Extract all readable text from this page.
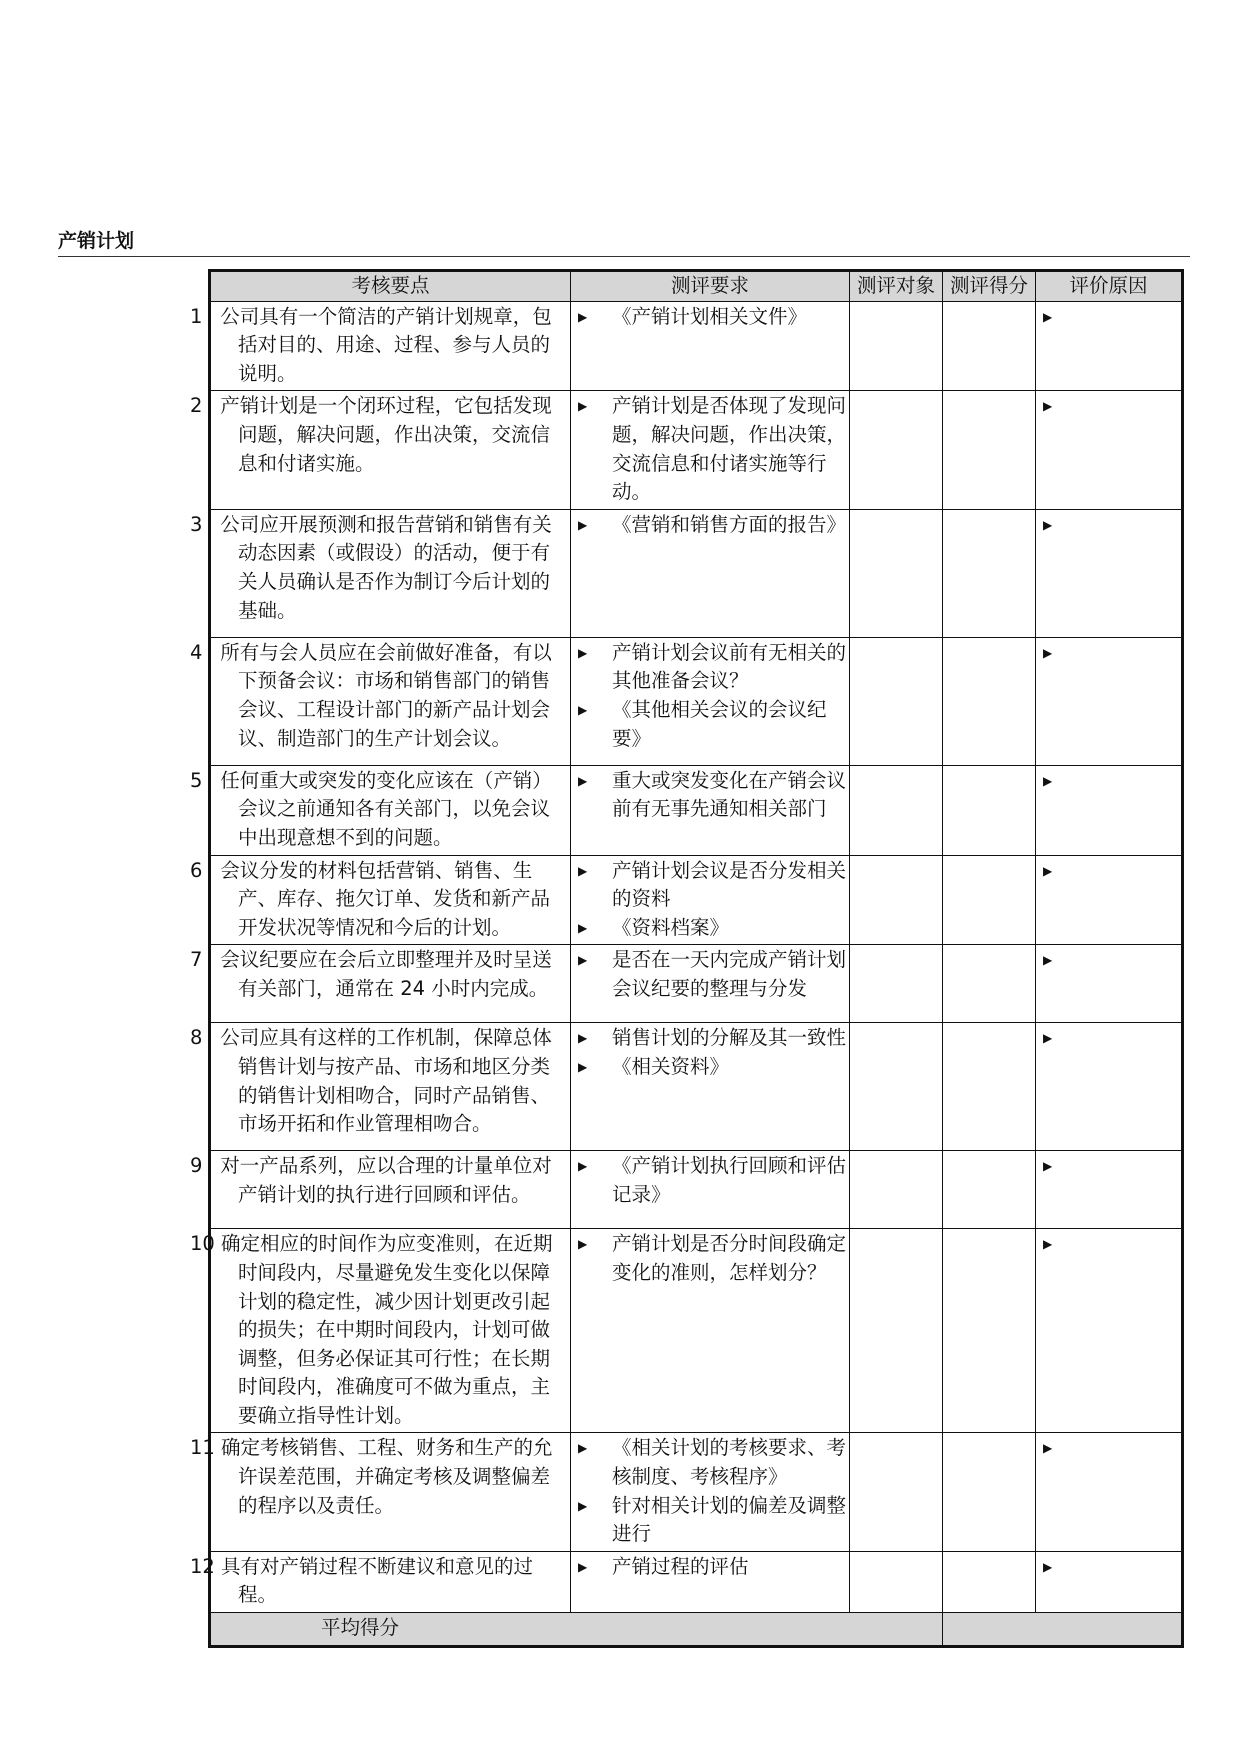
产销计划
考核要点	测评要求	测评对象	测评得分	评价原因

1 公司具有一个简洁的产销计划规章，包括对目的、用途、过程、参与人员的说明。	▶ 《产销计划相关文件》			▶

2 产销计划是一个闭环过程，它包括发现问题，解决问题，作出决策，交流信息和付诸实施。	▶ 产销计划是否体现了发现问题，解决问题，作出决策，交流信息和付诸实施等行动。			▶

3 公司应开展预测和报告营销和销售有关动态因素（或假设）的活动，便于有关人员确认是否作为制订今后计划的基础。	▶ 《营销和销售方面的报告》			▶

4 所有与会人员应在会前做好准备，有以下预备会议：市场和销售部门的销售会议、工程设计部门的新产品计划会议、制造部门的生产计划会议。	▶ 产销计划会议前有无相关的其他准备会议？
▶ 《其他相关会议的会议纪要》			▶

5 任何重大或突发的变化应该在（产销）会议之前通知各有关部门，以免会议中出现意想不到的问题。	▶ 重大或突发变化在产销会议前有无事先通知相关部门			▶

6 会议分发的材料包括营销、销售、生产、库存、拖欠订单、发货和新产品开发状况等情况和今后的计划。	▶ 产销计划会议是否分发相关的资料
▶ 《资料档案》			▶

7 会议纪要应在会后立即整理并及时呈送有关部门，通常在 24 小时内完成。	▶ 是否在一天内完成产销计划会议纪要的整理与分发			▶

8 公司应具有这样的工作机制，保障总体销售计划与按产品、市场和地区分类的销售计划相吻合，同时产品销售、市场开拓和作业管理相吻合。	▶ 销售计划的分解及其一致性
▶ 《相关资料》			▶

9 对一产品系列，应以合理的计量单位对产销计划的执行进行回顾和评估。	▶ 《产销计划执行回顾和评估记录》			▶

10 确定相应的时间作为应变准则，在近期时间段内，尽量避免发生变化以保障计划的稳定性，减少因计划更改引起的损失；在中期时间段内，计划可做调整，但务必保证其可行性；在长期时间段内，准确度可不做为重点，主要确立指导性计划。	▶ 产销计划是否分时间段确定变化的准则，怎样划分？			▶

11 确定考核销售、工程、财务和生产的允许误差范围，并确定考核及调整偏差的程序以及责任。	▶ 《相关计划的考核要求、考核制度、考核程序》
▶ 针对相关计划的偏差及调整进行			▶

12 具有对产销过程不断建议和意见的过程。	▶ 产销过程的评估			▶

平均得分				
